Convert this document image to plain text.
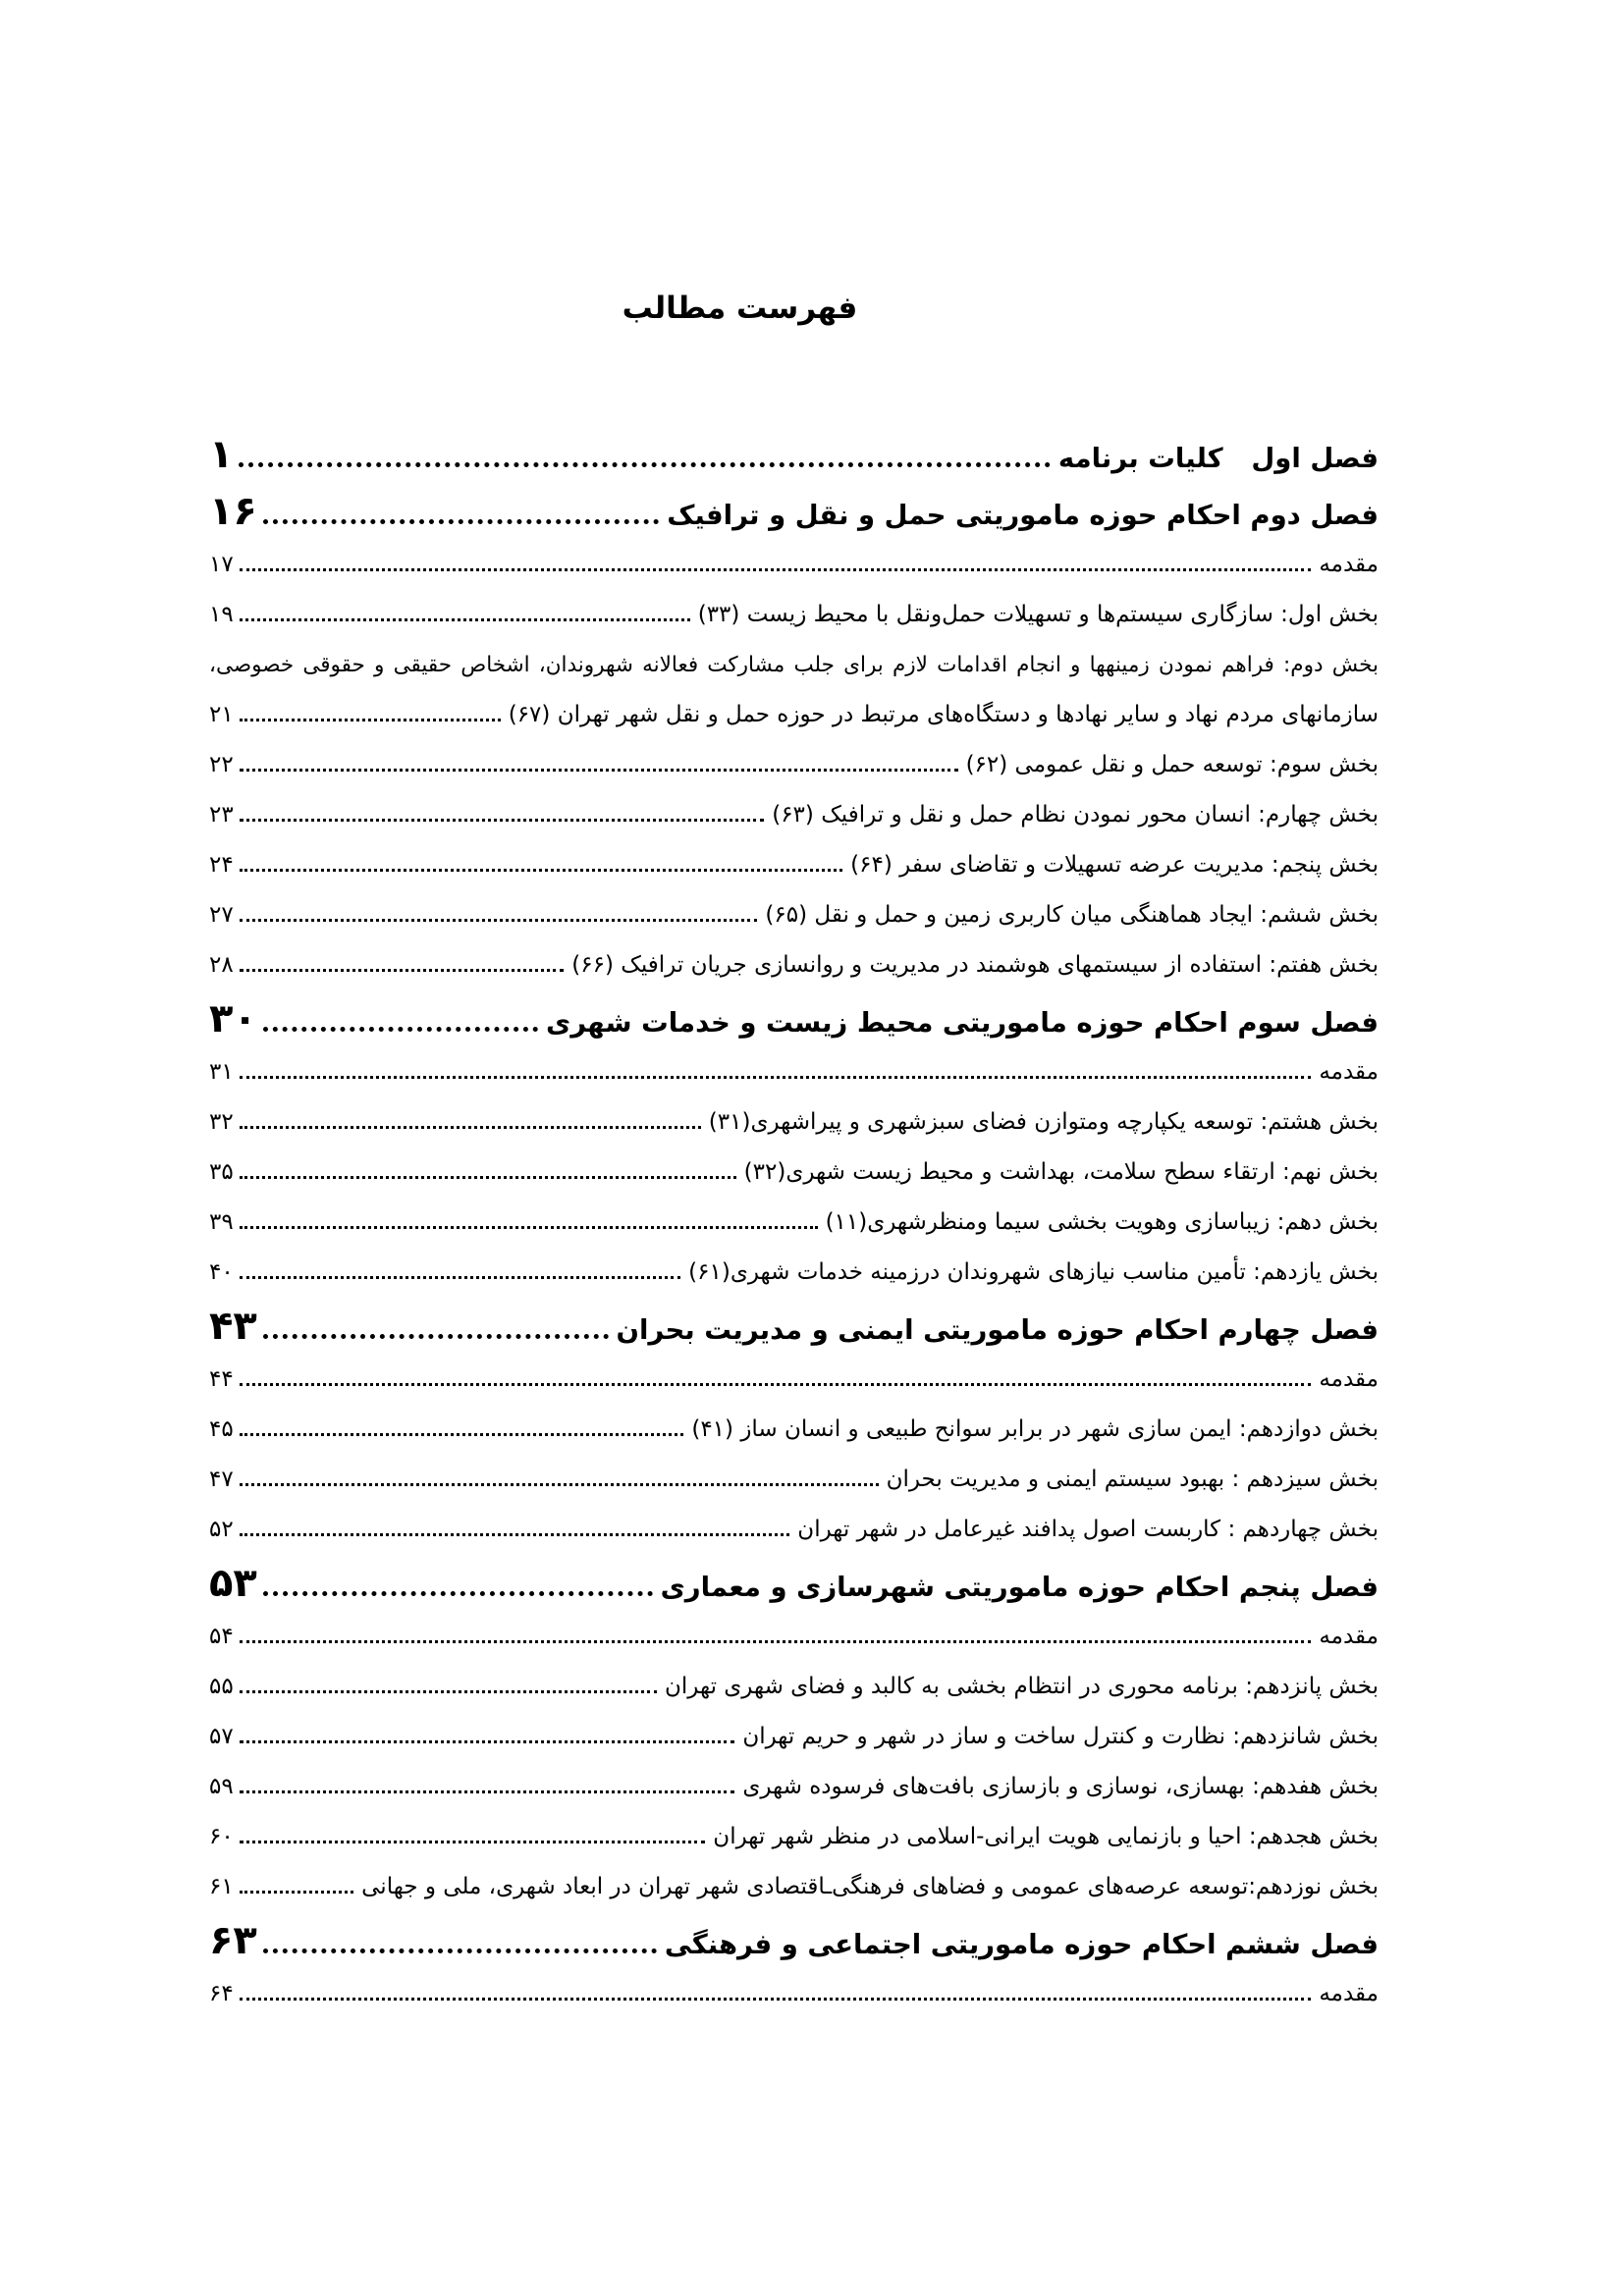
فهرست مطالب
فصل اول   کلیات برنامه
۱
فصل دوم احکام حوزه ماموریتی حمل و نقل و ترافیک
۱۶
مقدمه
۱۷
بخش اول: سازگاری سیستم‌ها و تسهیلات حمل‌ونقل با محیط زیست (۳۳)
۱۹
بخش دوم: فراهم نمودن زمینهها و انجام اقدامات لازم برای جلب مشارکت فعالانه شهروندان، اشخاص حقیقی و حقوقی خصوصی،
سازمانهای مردم نهاد و سایر نهادها و دستگاه‌های مرتبط در حوزه حمل و نقل شهر تهران (۶۷)
۲۱
بخش سوم: توسعه حمل و نقل عمومی (۶۲)
۲۲
بخش چهارم: انسان محور نمودن نظام حمل و نقل و ترافیک (۶۳)
۲۳
بخش پنجم: مدیریت عرضه تسهیلات و تقاضای سفر (۶۴)
۲۴
بخش ششم: ایجاد هماهنگی میان کاربری زمین و حمل و نقل (۶۵)
۲۷
بخش هفتم: استفاده از سیستمهای هوشمند در مدیریت و روانسازی جریان ترافیک (۶۶)
۲۸
فصل سوم احکام حوزه ماموریتی محیط زیست و خدمات شهری
۳۰
مقدمه
۳۱
بخش هشتم: توسعه یکپارچه ومتوازن فضای سبزشهری و پیراشهری(۳۱)
۳۲
بخش نهم: ارتقاء سطح سلامت، بهداشت و محیط زیست شهری(۳۲)
۳۵
بخش دهم: زیباسازی وهویت بخشی سیما ومنظرشهری(۱۱)
۳۹
بخش یازدهم: تأمین مناسب نیازهای شهروندان درزمینه خدمات شهری(۶۱)
۴۰
فصل چهارم احکام حوزه ماموریتی ایمنی و مدیریت بحران
۴۳
مقدمه
۴۴
بخش دوازدهم: ایمن سازی شهر در برابر سوانح طبیعی و انسان ساز (۴۱)
۴۵
بخش سیزدهم : بهبود سیستم ایمنی و مدیریت بحران
۴۷
بخش چهاردهم : کاربست اصول پدافند غیرعامل در شهر تهران
۵۲
فصل پنجم احکام حوزه ماموریتی شهرسازی و معماری
۵۳
مقدمه
۵۴
بخش پانزدهم: برنامه محوری در انتظام بخشی به کالبد و فضای شهری تهران
۵۵
بخش شانزدهم: نظارت و کنترل ساخت و ساز در شهر و حریم تهران
۵۷
بخش هفدهم: بهسازی، نوسازی و بازسازی بافت‌های فرسوده شهری
۵۹
بخش هجدهم: احیا و بازنمایی هویت ایرانی-اسلامی در منظر شهر تهران
۶۰
بخش نوزدهم:توسعه عرصه‌های عمومی و فضاهای فرهنگی‌ـاقتصادی شهر تهران در ابعاد شهری، ملی و جهانی
۶۱
فصل ششم احکام حوزه ماموریتی اجتماعی و فرهنگی
۶۳
مقدمه
۶۴
